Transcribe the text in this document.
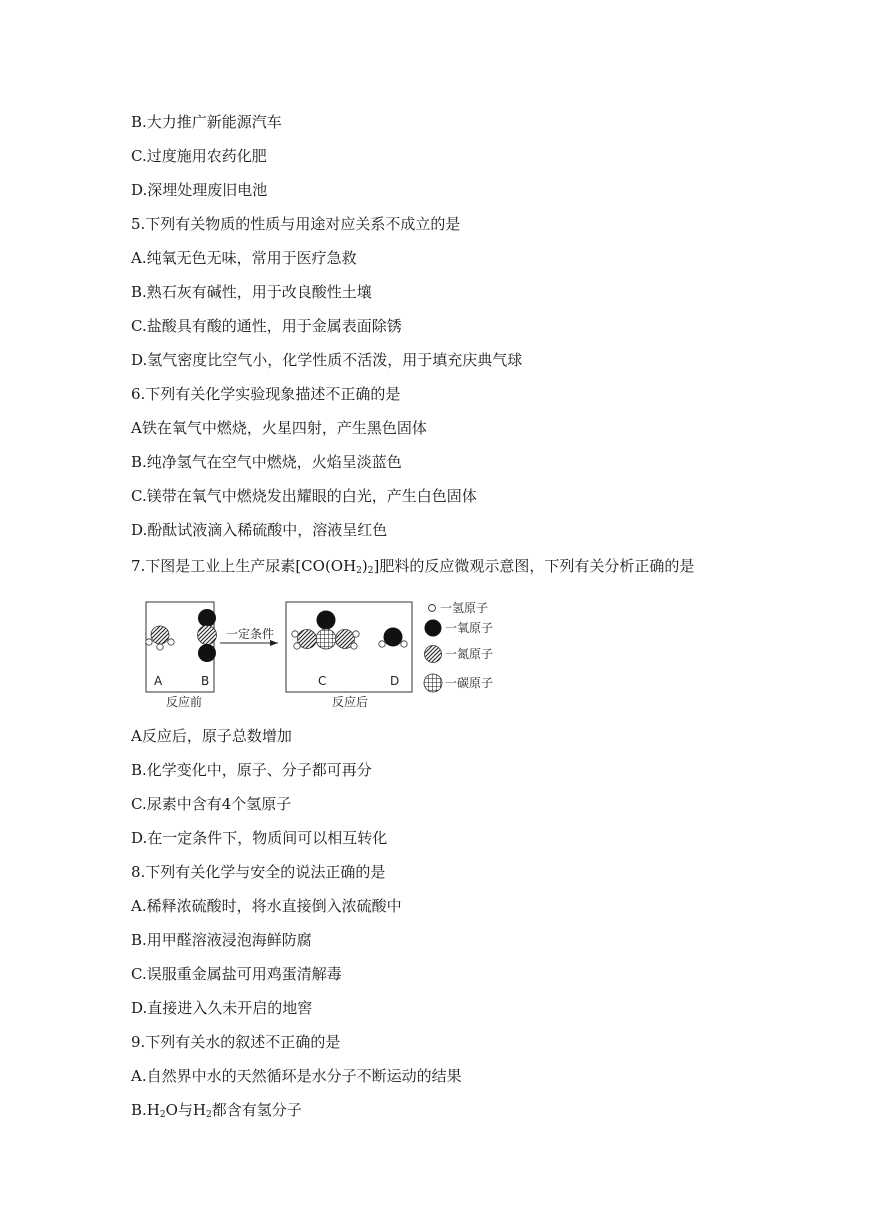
B.大力推广新能源汽车
C.过度施用农药化肥
D.深埋处理废旧电池
5.下列有关物质的性质与用途对应关系不成立的是
A.纯氧无色无味，常用于医疗急救
B.熟石灰有碱性，用于改良酸性土壤
C.盐酸具有酸的通性，用于金属表面除锈
D.氢气密度比空气小，化学性质不活泼，用于填充庆典气球
6.下列有关化学实验现象描述不正确的是
A铁在氧气中燃烧，火星四射，产生黑色固体
B.纯净氢气在空气中燃烧，火焰呈淡蓝色
C.镁带在氧气中燃烧发出耀眼的白光，产生白色固体
D.酚酞试液滴入稀硫酸中，溶液呈红色
7.下图是工业上生产尿素$[CO(OH_2)_2]$肥料的反应微观示意图，下列有关分析正确的是
A	B
反应前
一定条件
C	D
反应后
一氢原子
一氧原子
一氮原子
一碳原子
A反应后，原子总数增加
B.化学变化中，原子、分子都可再分
C.尿素中含有4个氢原子
D.在一定条件下，物质间可以相互转化
8.下列有关化学与安全的说法正确的是
A.稀释浓硫酸时，将水直接倒入浓硫酸中
B.用甲醛溶液浸泡海鲜防腐
C.误服重金属盐可用鸡蛋清解毒
D.直接进入久未开启的地窖
9.下列有关水的叙述不正确的是
A.自然界中水的天然循环是水分子不断运动的结果
$B.H_2O$与$H_2$都含有氢分子
